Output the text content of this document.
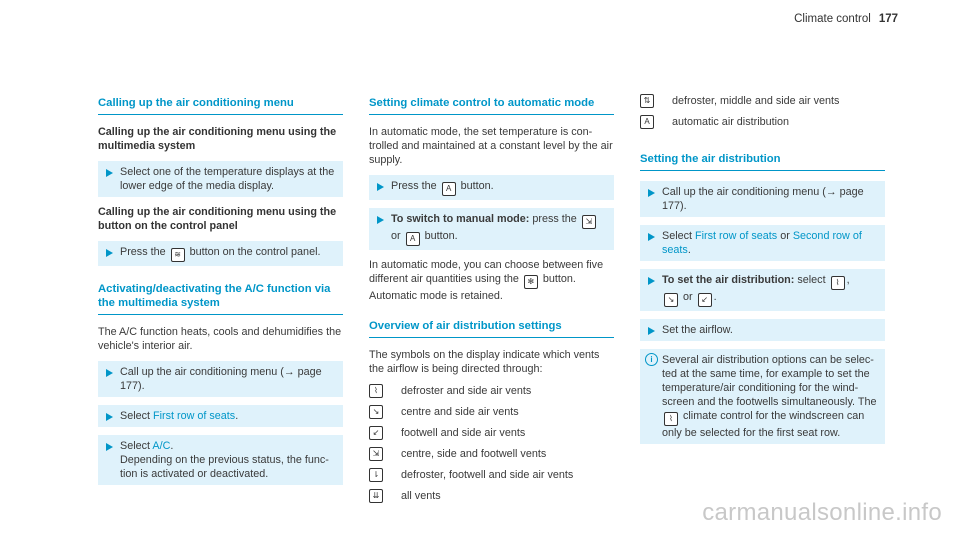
Climate control 177
Calling up the air conditioning menu
Calling up the air conditioning menu using the multimedia system
Select one of the temperature displays at the lower edge of the media display.
Calling up the air conditioning menu using the button on the control panel
Press the ≋ button on the control panel.
Activating/deactivating the A/C function via the multimedia system

The A/C function heats, cools and dehumidifies the vehicle's interior air.

Call up the air conditioning menu (→ page 177).
Select First row of seats.
Select A/C.
Depending on the previous status, the func-tion is activated or deactivated.
Setting climate control to automatic mode

In automatic mode, the set temperature is con-trolled and maintained at a constant level by the air supply.

Press the A button.
To switch to manual mode: press the ⇲ or A button.

In automatic mode, you can choose between five different air quantities using the ✻ button. Automatic mode is retained.

Overview of air distribution settings

The symbols on the display indicate which vents the airflow is being directed through:

⌇	defroster and side air vents
↘	centre and side air vents
↙	footwell and side air vents
⇲	centre, side and footwell vents
⇂	defroster, footwell and side air vents
⇊	all vents
⇅	defroster, middle and side air vents
A	automatic air distribution
Setting the air distribution
Call up the air conditioning menu (→ page 177).
Select First row of seats or Second row of seats.
To set the air distribution: select ⌇ ,
↘ or ↙ .
Set the airflow.
i Several air distribution options can be selec-ted at the same time, for example to set the temperature/air conditioning for the wind-screen and the footwells simultaneously. The ⌇ climate control for the windscreen can only be selected for the first seat row.
carmanualsonline.info
